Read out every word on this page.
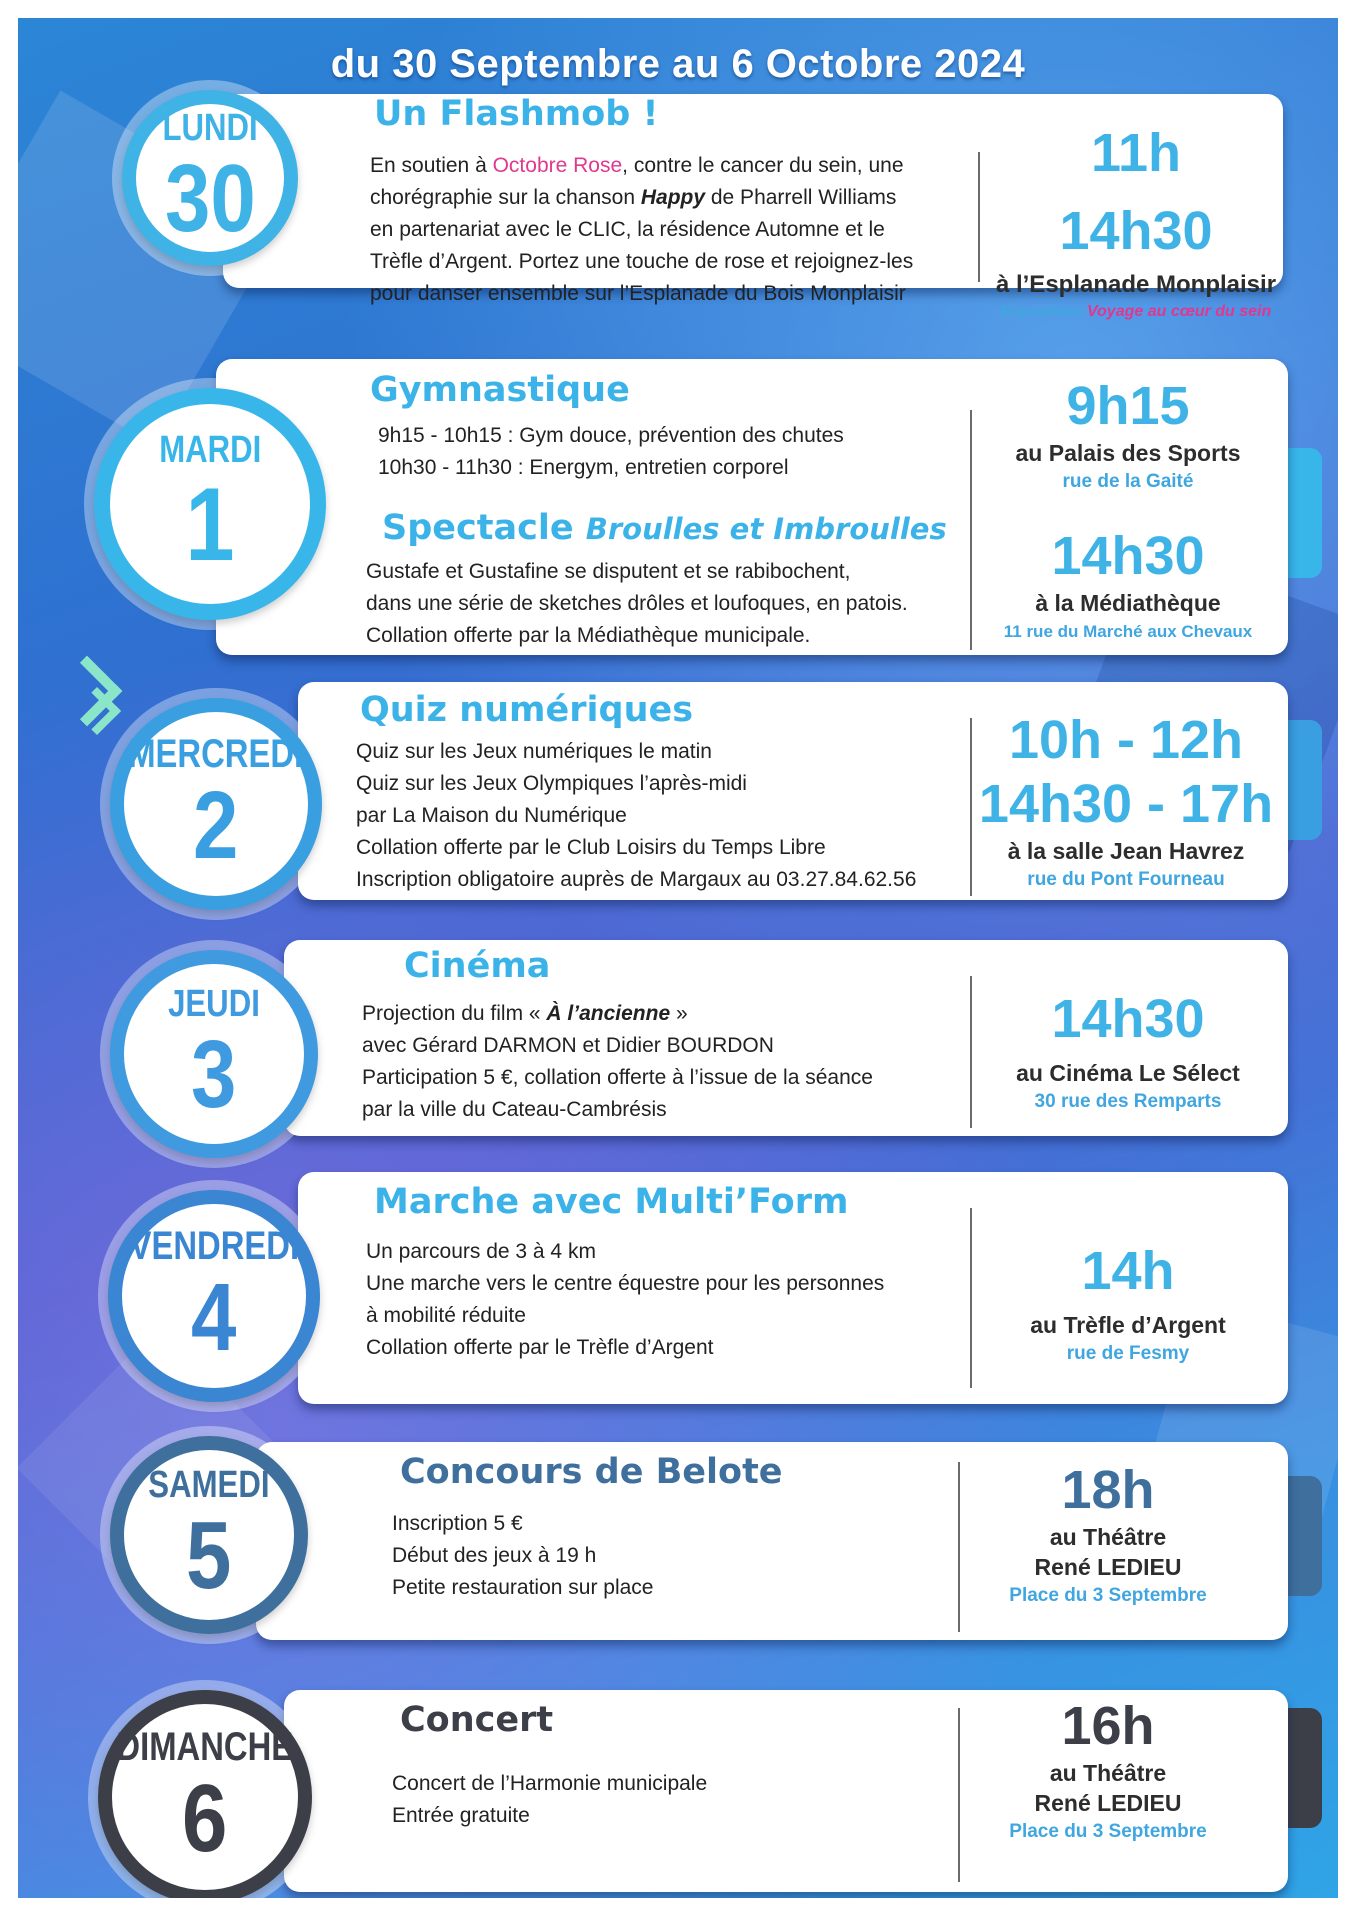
du 30 Septembre au 6 Octobre 2024
LUNDI
30
Un Flashmob !
En soutien à Octobre Rose, contre le cancer du sein, une
chorégraphie sur la chanson Happy de Pharrell Williams
en partenariat avec le CLIC, la résidence Automne et le
Trèfle d’Argent. Portez une touche de rose et rejoignez-les
pour danser ensemble sur l’Esplanade du Bois Monplaisir
11h
14h30
à l’Esplanade Monplaisir
Exposition Voyage au cœur du sein
MARDI
1
Gymnastique
9h15 - 10h15 : Gym douce, prévention des chutes
10h30 - 11h30 : Energym, entretien corporel
Spectacle Broulles et Imbroulles
Gustafe et Gustafine se disputent et se rabibochent,
dans une série de sketches drôles et loufoques, en patois.
Collation offerte par la Médiathèque municipale.
9h15
au Palais des Sports
rue de la Gaité
14h30
à la Médiathèque
11 rue du Marché aux Chevaux
MERCREDI
2
Quiz numériques
Quiz sur les Jeux numériques le matin
Quiz sur les Jeux Olympiques l’après-midi
par La Maison du Numérique
Collation offerte par le Club Loisirs du Temps Libre
Inscription obligatoire auprès de Margaux au 03.27.84.62.56
10h - 12h
14h30 - 17h
à la salle Jean Havrez
rue du Pont Fourneau
JEUDI
3
Cinéma
Projection du film « À l’ancienne »
avec Gérard DARMON et Didier BOURDON
Participation 5 €, collation offerte à l’issue de la séance
par la ville du Cateau-Cambrésis
14h30
au Cinéma Le Sélect
30 rue des Remparts
VENDREDI
4
Marche avec Multi’Form
Un parcours de 3 à 4 km
Une marche vers le centre équestre pour les personnes
à mobilité réduite
Collation offerte par le Trèfle d’Argent
14h
au Trèfle d’Argent
rue de Fesmy
SAMEDI
5
Concours de Belote
Inscription 5 €
Début des jeux à 19 h
Petite restauration sur place
18h
au Théâtre
René LEDIEU
Place du 3 Septembre
DIMANCHE
6
Concert
Concert de l’Harmonie municipale
Entrée gratuite
16h
au Théâtre
René LEDIEU
Place du 3 Septembre
